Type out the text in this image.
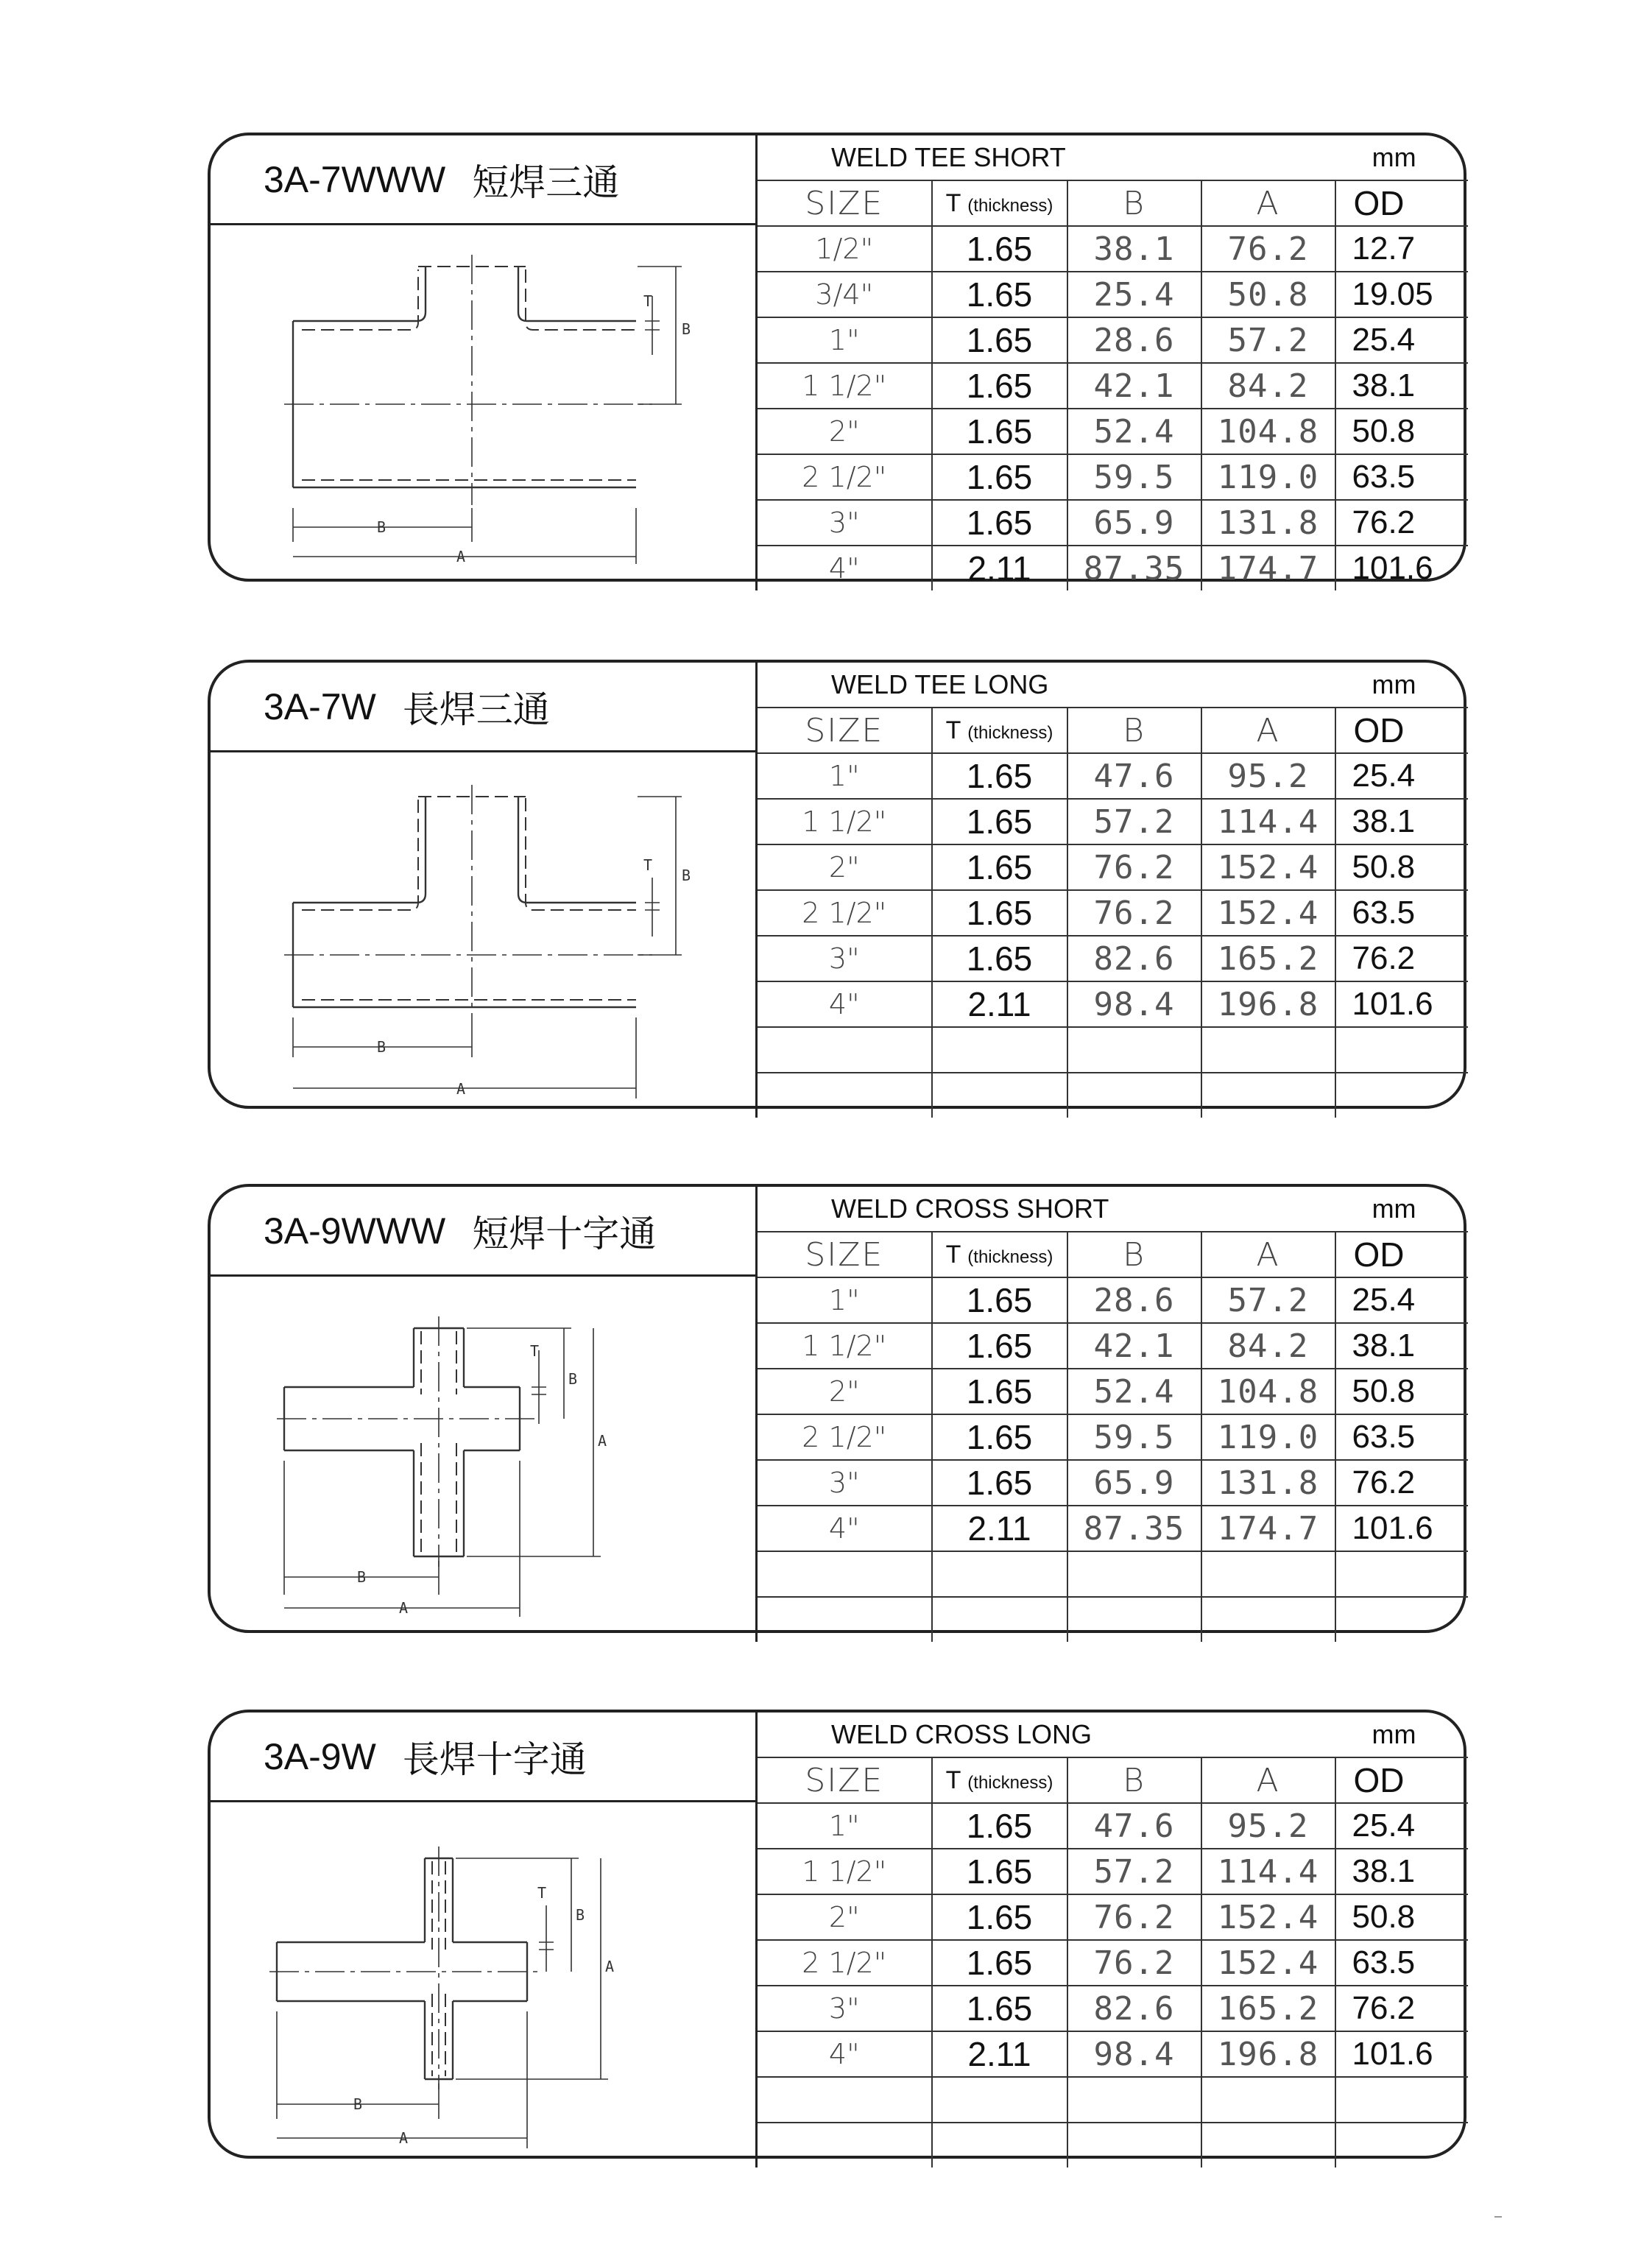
3A-7WWW 短焊三通
B
T
B
A
WELD TEE SHORT mm				

SIZE	T (thickness)	B	A	OD
1/2"	1.65	38.1	76.2	12.7
3/4"	1.65	25.4	50.8	19.05
1"	1.65	28.6	57.2	25.4
1 1/2"	1.65	42.1	84.2	38.1
2"	1.65	52.4	104.8	50.8
2 1/2"	1.65	59.5	119.0	63.5
3"	1.65	65.9	131.8	76.2
4"	2.11	87.35	174.7	101.6
3A-7W 長焊三通
B
T
B
A
WELD TEE LONG mm				

SIZE	T (thickness)	B	A	OD
1"	1.65	47.6	95.2	25.4
1 1/2"	1.65	57.2	114.4	38.1
2"	1.65	76.2	152.4	50.8
2 1/2"	1.65	76.2	152.4	63.5
3"	1.65	82.6	165.2	76.2
4"	2.11	98.4	196.8	101.6

3A-9WWW 短焊十字通
T
B
A
B
A
WELD CROSS SHORT mm				

SIZE	T (thickness)	B	A	OD
1"	1.65	28.6	57.2	25.4
1 1/2"	1.65	42.1	84.2	38.1
2"	1.65	52.4	104.8	50.8
2 1/2"	1.65	59.5	119.0	63.5
3"	1.65	65.9	131.8	76.2
4"	2.11	87.35	174.7	101.6

3A-9W 長焊十字通
T
B
A
B
A
WELD CROSS LONG mm				

SIZE	T (thickness)	B	A	OD
1"	1.65	47.6	95.2	25.4
1 1/2"	1.65	57.2	114.4	38.1
2"	1.65	76.2	152.4	50.8
2 1/2"	1.65	76.2	152.4	63.5
3"	1.65	82.6	165.2	76.2
4"	2.11	98.4	196.8	101.6
